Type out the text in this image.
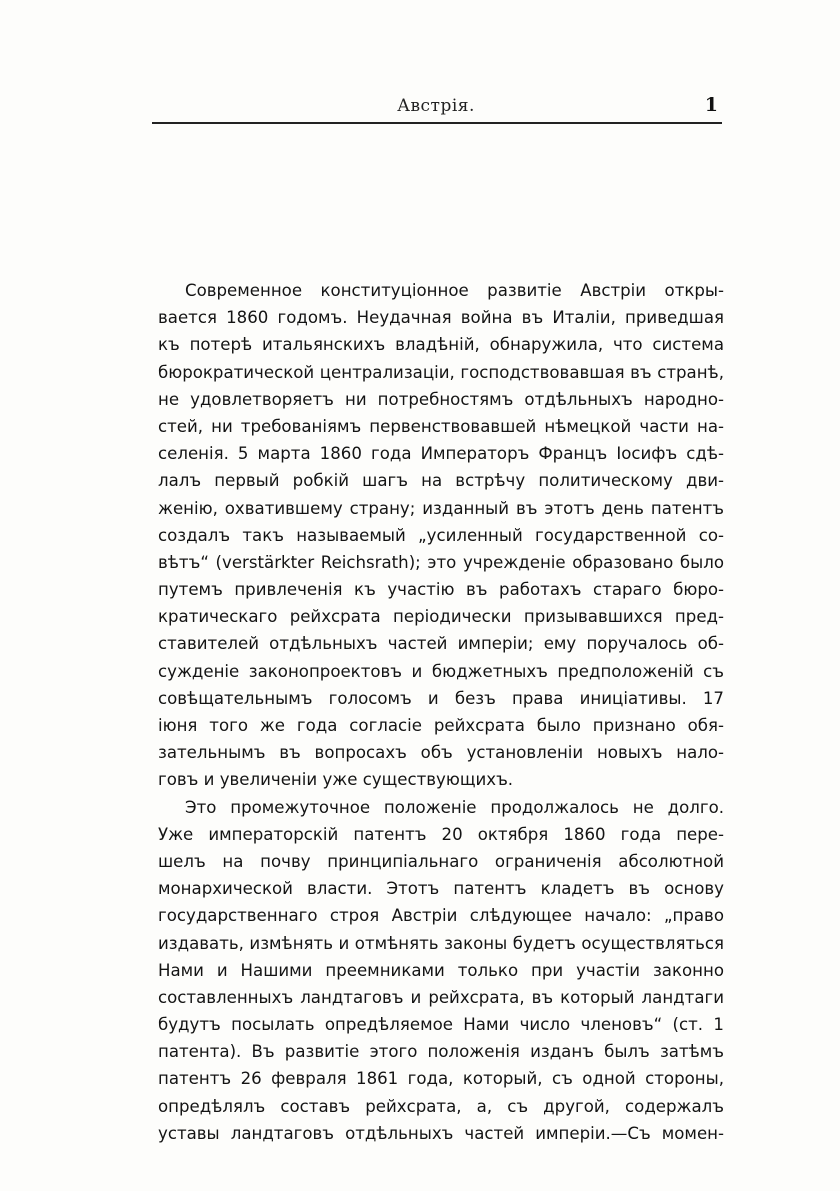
Австрія.	1
Современное конституціонное развитіе Австріи откры-
вается 1860 годомъ. Неудачная война въ Италіи, приведшая
къ потерѣ итальянскихъ владѣній, обнаружила, что система
бюрократической централизаціи, господствовавшая въ странѣ,
не удовлетворяетъ ни потребностямъ отдѣльныхъ народно-
стей, ни требованіямъ первенствовавшей нѣмецкой части на-
селенія. 5 марта 1860 года Императоръ Францъ Іосифъ сдѣ-
лалъ первый робкій шагъ на встрѣчу политическому дви-
женію, охватившему страну; изданный въ этотъ день патентъ
создалъ такъ называемый „усиленный государственной со-
вѣтъ“ (verstärkter Reichsrath); это учрежденіе образовано было
путемъ привлеченія къ участію въ работахъ стараго бюро-
кратическаго рейхсрата періодически призывавшихся пред-
ставителей отдѣльныхъ частей имперіи; ему поручалось об-
сужденіе законопроектовъ и бюджетныхъ предположеній съ
совѣщательнымъ голосомъ и безъ права иниціативы. 17
іюня того же года согласіе рейхсрата было признано обя-
зательнымъ въ вопросахъ объ установленіи новыхъ нало-
говъ и увеличеніи уже существующихъ.
Это промежуточное положеніе продолжалось не долго.
Уже императорскій патентъ 20 октября 1860 года пере-
шелъ на почву принципіальнаго ограниченія абсолютной
монархической власти. Этотъ патентъ кладетъ въ основу
государственнаго строя Австріи слѣдующее начало: „право
издавать, измѣнять и отмѣнять законы будетъ осуществляться
Нами и Нашими преемниками только при участіи законно
составленныхъ ландтаговъ и рейхсрата, въ который ландтаги
будутъ посылать опредѣляемое Нами число членовъ“ (ст. 1
патента). Въ развитіе этого положенія изданъ былъ затѣмъ
патентъ 26 февраля 1861 года, который, съ одной стороны,
опредѣлялъ составъ рейхсрата, а, съ другой, содержалъ
уставы ландтаговъ отдѣльныхъ частей имперіи.—Съ момен-
